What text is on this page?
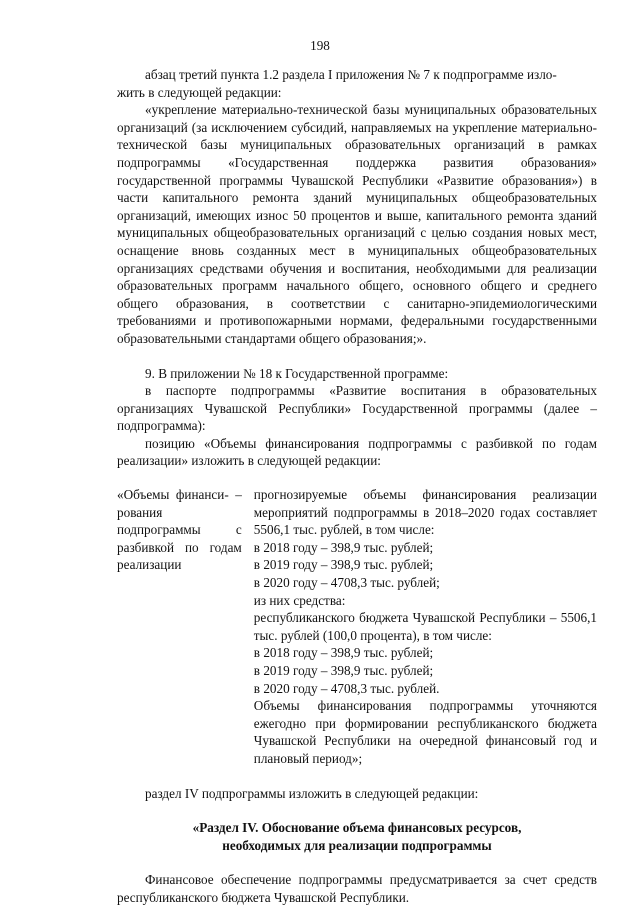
198

абзац третий пункта 1.2 раздела I приложения № 7 к подпрограмме изло-

жить в следующей редакции:

«укрепление материально-технической базы муниципальных образовательных организаций (за исключением субсидий, направляемых на укрепление материально-технической базы муниципальных образовательных организаций в рамках подпрограммы «Государственная поддержка развития образования» государственной программы Чувашской Республики «Развитие образования») в части капитального ремонта зданий муниципальных общеобразовательных организаций, имеющих износ 50 процентов и выше, капитального ремонта зданий муниципальных общеобразовательных организаций с целью создания новых мест, оснащение вновь созданных мест в муниципальных общеобразовательных организациях средствами обучения и воспитания, необходимыми для реализации образовательных программ начального общего, основного общего и среднего общего образования, в соответствии с санитарно-эпидемиологическими требованиями и противопожарными нормами, федеральными государственными образовательными стандартами общего образования;».

9. В приложении № 18 к Государственной программе:

в паспорте подпрограммы «Развитие воспитания в образовательных организациях Чувашской Республики» Государственной программы (далее – подпрограмма):

позицию «Объемы финансирования подпрограммы с разбивкой по годам реализации» изложить в следующей редакции:

«Объемы финанси- – рования подпрограммы с разбивкой по годам реализации

прогнозируемые объемы финансирования реализации мероприятий подпрограммы в 2018–2020 годах составляет 5506,1 тыс. рублей, в том числе:

в 2018 году – 398,9 тыс. рублей;

в 2019 году – 398,9 тыс. рублей;

в 2020 году – 4708,3 тыс. рублей;

из них средства:

республиканского бюджета Чувашской Республики – 5506,1 тыс. рублей (100,0 процента), в том числе:

в 2018 году – 398,9 тыс. рублей;

в 2019 году – 398,9 тыс. рублей;

в 2020 году – 4708,3 тыс. рублей.

Объемы финансирования подпрограммы уточняются ежегодно при формировании республиканского бюджета Чувашской Республики на очередной финансовый год и плановый период»;

раздел IV подпрограммы изложить в следующей редакции:

«Раздел IV. Обоснование объема финансовых ресурсов,
необходимых для реализации подпрограммы

Финансовое обеспечение подпрограммы предусматривается за счет средств республиканского бюджета Чувашской Республики.
